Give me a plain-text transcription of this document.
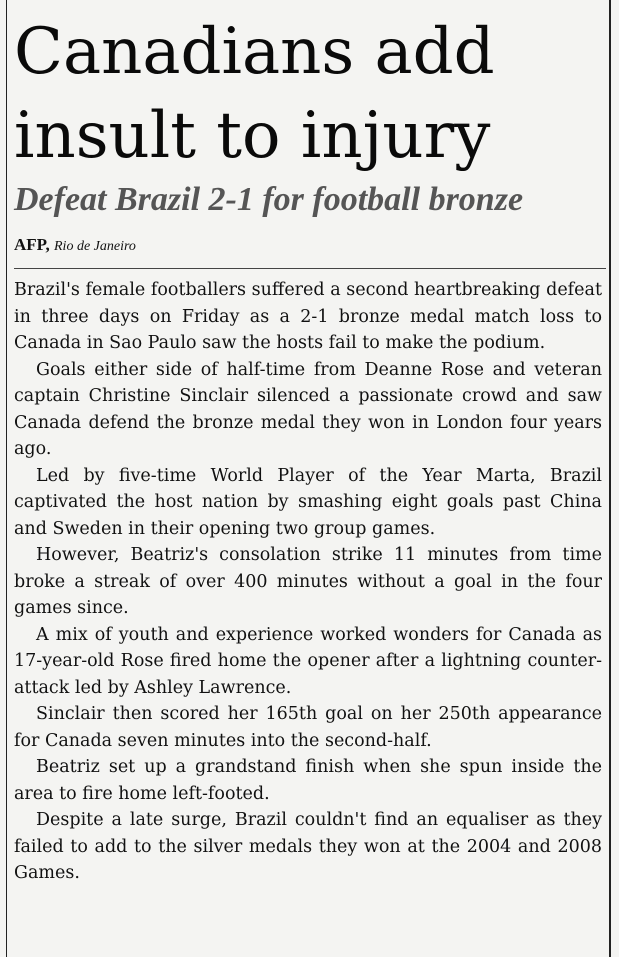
Canadians add
insult to injury
Defeat Brazil 2-1 for football bronze
AFP, Rio de Janeiro

Brazil's female footballers suffered a second heartbreaking defeat in three days on Friday as a 2-1 bronze medal match loss to Canada in Sao Paulo saw the hosts fail to make the podium.

Goals either side of half-time from Deanne Rose and veteran captain Christine Sinclair silenced a passionate crowd and saw Canada defend the bronze medal they won in London four years ago.

Led by five-time World Player of the Year Marta, Brazil captivated the host nation by smashing eight goals past China and Sweden in their opening two group games.

However, Beatriz's consolation strike 11 minutes from time broke a streak of over 400 minutes without a goal in the four games since.

A mix of youth and experience worked wonders for Canada as 17-year-old Rose fired home the opener after a lightning counter-attack led by Ashley Lawrence.

Sinclair then scored her 165th goal on her 250th appearance for Canada seven minutes into the second-half.

Beatriz set up a grandstand finish when she spun inside the area to fire home left-footed.

Despite a late surge, Brazil couldn't find an equaliser as they failed to add to the silver medals they won at the 2004 and 2008 Games.
